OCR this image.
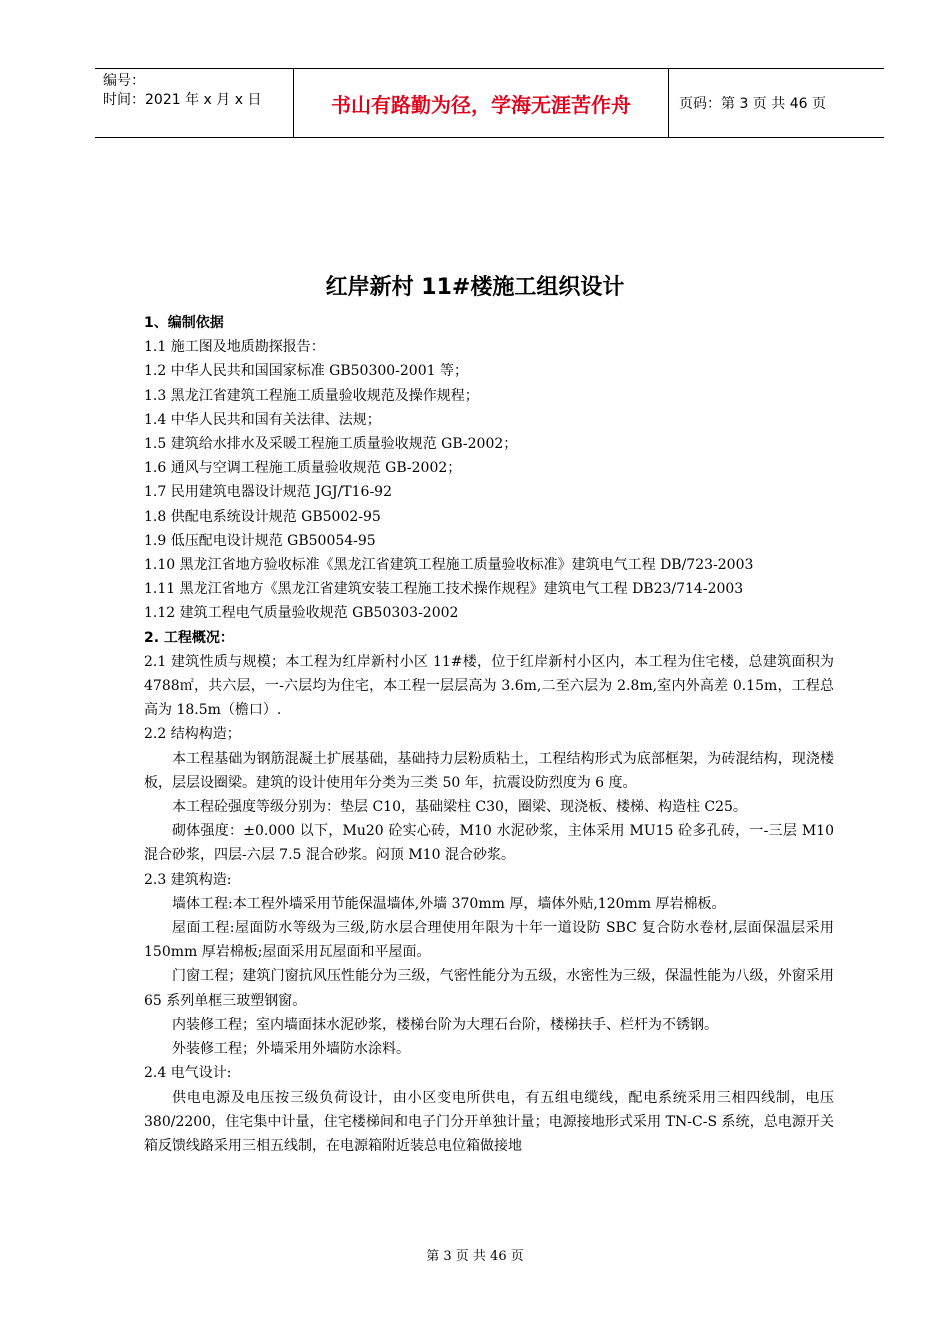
编号：
时间：2021 年 x 月 x 日	书山有路勤为径，学海无涯苦作舟	页码：第 3 页 共 46 页
红岸新村 11#楼施工组织设计

1、编制依据

1.1 施工图及地质勘探报告：

1.2 中华人民共和国国家标准 GB50300-2001 等；

1.3 黑龙江省建筑工程施工质量验收规范及操作规程；

1.4 中华人民共和国有关法律、法规；

1.5 建筑给水排水及采暖工程施工质量验收规范 GB-2002；

1.6 通风与空调工程施工质量验收规范 GB-2002；

1.7 民用建筑电器设计规范 JGJ/T16-92

1.8 供配电系统设计规范 GB5002-95

1.9 低压配电设计规范 GB50054-95

1.10 黑龙江省地方验收标准《黑龙江省建筑工程施工质量验收标准》建筑电气工程 DB/723-2003

1.11 黑龙江省地方《黑龙江省建筑安装工程施工技术操作规程》建筑电气工程 DB23/714-2003

1.12 建筑工程电气质量验收规范 GB50303-2002

2. 工程概况：

2.1 建筑性质与规模；本工程为红岸新村小区 11#楼，位于红岸新村小区内，本工程为住宅楼，总建筑面积为 4788㎡，共六层，一-六层均为住宅，本工程一层层高为 3.6m,二至六层为 2.8m,室内外高差 0.15m，工程总高为 18.5m（檐口）.

2.2 结构构造；

本工程基础为钢筋混凝土扩展基础，基础持力层粉质粘土，工程结构形式为底部框架，为砖混结构，现浇楼板，层层设圈梁。建筑的设计使用年分类为三类 50 年，抗震设防烈度为 6 度。

本工程砼强度等级分别为：垫层 C10，基础梁柱 C30，圈梁、现浇板、楼梯、构造柱 C25。

砌体强度：±0.000 以下，Mu20 砼实心砖，M10 水泥砂浆，主体采用 MU15 砼多孔砖，一-三层 M10 混合砂浆，四层-六层 7.5 混合砂浆。闷顶 M10 混合砂浆。

2.3 建筑构造:

墙体工程:本工程外墙采用节能保温墙体,外墙 370mm 厚，墙体外贴,120mm 厚岩棉板。

屋面工程:屋面防水等级为三级,防水层合理使用年限为十年一道设防 SBC 复合防水卷材,层面保温层采用 150mm 厚岩棉板;屋面采用瓦屋面和平屋面。

门窗工程；建筑门窗抗风压性能分为三级，气密性能分为五级，水密性为三级，保温性能为八级，外窗采用 65 系列单框三玻塑钢窗。

内装修工程；室内墙面抹水泥砂浆，楼梯台阶为大理石台阶，楼梯扶手、栏杆为不锈钢。

外装修工程；外墙采用外墙防水涂料。

2.4 电气设计:

供电电源及电压按三级负荷设计，由小区变电所供电，有五组电缆线，配电系统采用三相四线制，电压 380/2200，住宅集中计量，住宅楼梯间和电子门分开单独计量；电源接地形式采用 TN-C-S 系统，总电源开关箱反馈线路采用三相五线制，在电源箱附近装总电位箱做接地

第 3 页 共 46 页
